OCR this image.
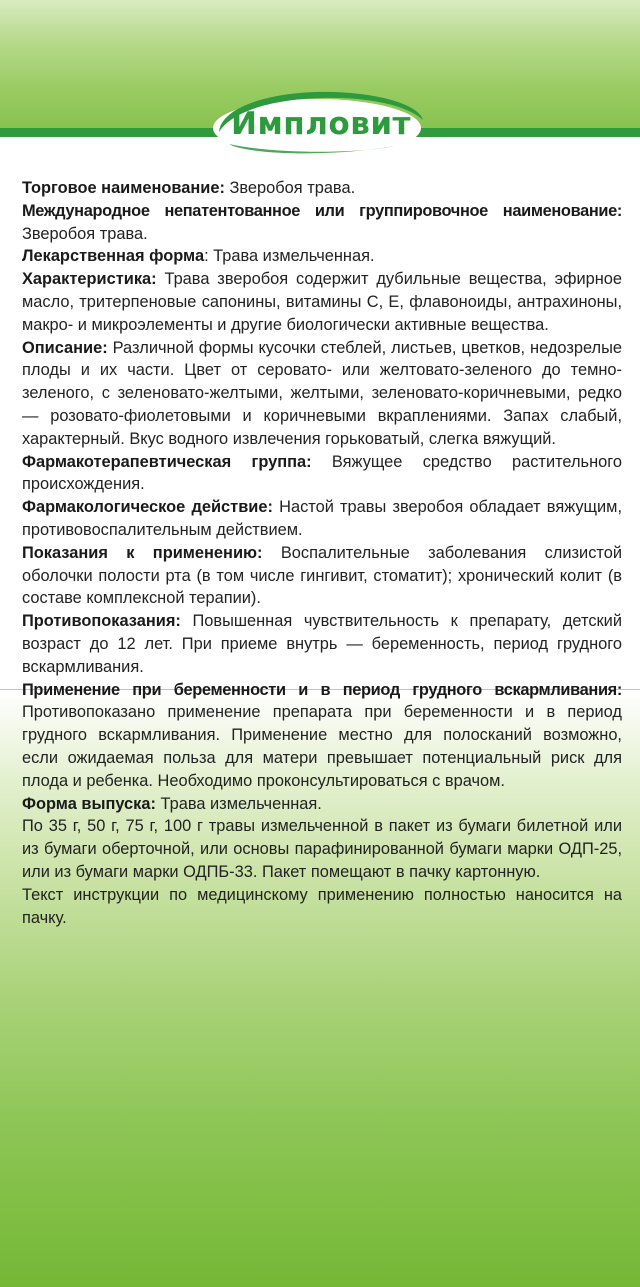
Импловит

Торговое наименование: Зверобоя трава.

Международное непатентованное или группировочное наименование: Зверобоя трава.

Лекарственная форма: Трава измельченная.

Характеристика: Трава зверобоя содержит дубильные вещества, эфирное масло, тритерпеновые сапонины, витамины С, Е, флавоноиды, антрахиноны, макро- и микроэлементы и другие биологически активные вещества.

Описание: Различной формы кусочки стеблей, листьев, цветков, недозрелые плоды и их части. Цвет от серовато- или желтовато-зеленого до темно-зеленого, с зеленовато-желтыми, желтыми, зеленовато-коричневыми, редко — розовато-фиолетовыми и коричневыми вкраплениями. Запах слабый, характерный. Вкус водного извлечения горьковатый, слегка вяжущий.

Фармакотерапевтическая группа: Вяжущее средство растительного происхождения.

Фармакологическое действие: Настой травы зверобоя обладает вяжущим, противовоспалительным действием.

Показания к применению: Воспалительные заболевания слизистой оболочки полости рта (в том числе гингивит, стоматит); хронический колит (в составе комплексной терапии).

Противопоказания: Повышенная чувствительность к препарату, детский возраст до 12 лет. При приеме внутрь — беременность, период грудного вскармливания.

Применение при беременности и в период грудного вскармливания: Противопоказано применение препарата при беременности и в период грудного вскармливания. Применение местно для полосканий возможно, если ожидаемая польза для матери превышает потенциальный риск для плода и ребенка. Необходимо проконсультироваться с врачом.

Форма выпуска: Трава измельченная.

По 35 г, 50 г, 75 г, 100 г травы измельченной в пакет из бумаги билетной или из бумаги оберточной, или основы парафинированной бумаги марки ОДП-25, или из бумаги марки ОДПБ-33. Пакет помещают в пачку картонную.

Текст инструкции по медицинскому применению полностью наносится на пачку.
